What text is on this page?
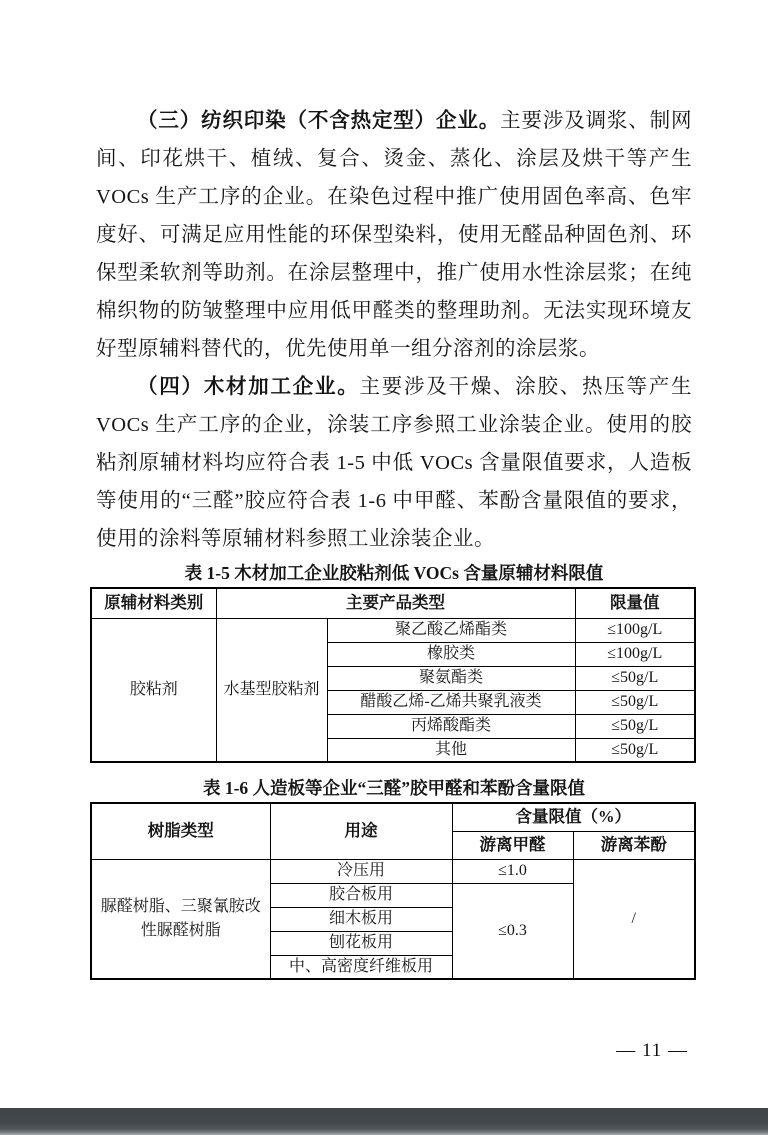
（三）纺织印染（不含热定型）企业。主要涉及调浆、制网
间、印花烘干、植绒、复合、烫金、蒸化、涂层及烘干等产生
VOCs 生产工序的企业。在染色过程中推广使用固色率高、色牢
度好、可满足应用性能的环保型染料，使用无醛品种固色剂、环
保型柔软剂等助剂。在涂层整理中，推广使用水性涂层浆；在纯
棉织物的防皱整理中应用低甲醛类的整理助剂。无法实现环境友
好型原辅料替代的，优先使用单一组分溶剂的涂层浆。
（四）木材加工企业。主要涉及干燥、涂胶、热压等产生
VOCs 生产工序的企业，涂装工序参照工业涂装企业。使用的胶
粘剂原辅材料均应符合表 1-5 中低 VOCs 含量限值要求，人造板
等使用的“三醛”胶应符合表 1-6 中甲醛、苯酚含量限值的要求，
使用的涂料等原辅材料参照工业涂装企业。
表 1-5 木材加工企业胶粘剂低 VOCs 含量原辅材料限值
原辅材料类别	主要产品类型		限量值
胶粘剂	水基型胶粘剂	聚乙酸乙烯酯类	≤100g/L
		橡胶类	≤100g/L
		聚氨酯类	≤50g/L
		醋酸乙烯-乙烯共聚乳液类	≤50g/L
		丙烯酸酯类	≤50g/L
		其他	≤50g/L
表 1-6 人造板等企业“三醛”胶甲醛和苯酚含量限值
树脂类型	用途	含量限值（%）	
		游离甲醛	游离苯酚
脲醛树脂、三聚氰胺改性脲醛树脂	冷压用	≤1.0	/
	胶合板用	≤0.3	
	细木板用		
	刨花板用		
	中、高密度纤维板用		
— 11 —
